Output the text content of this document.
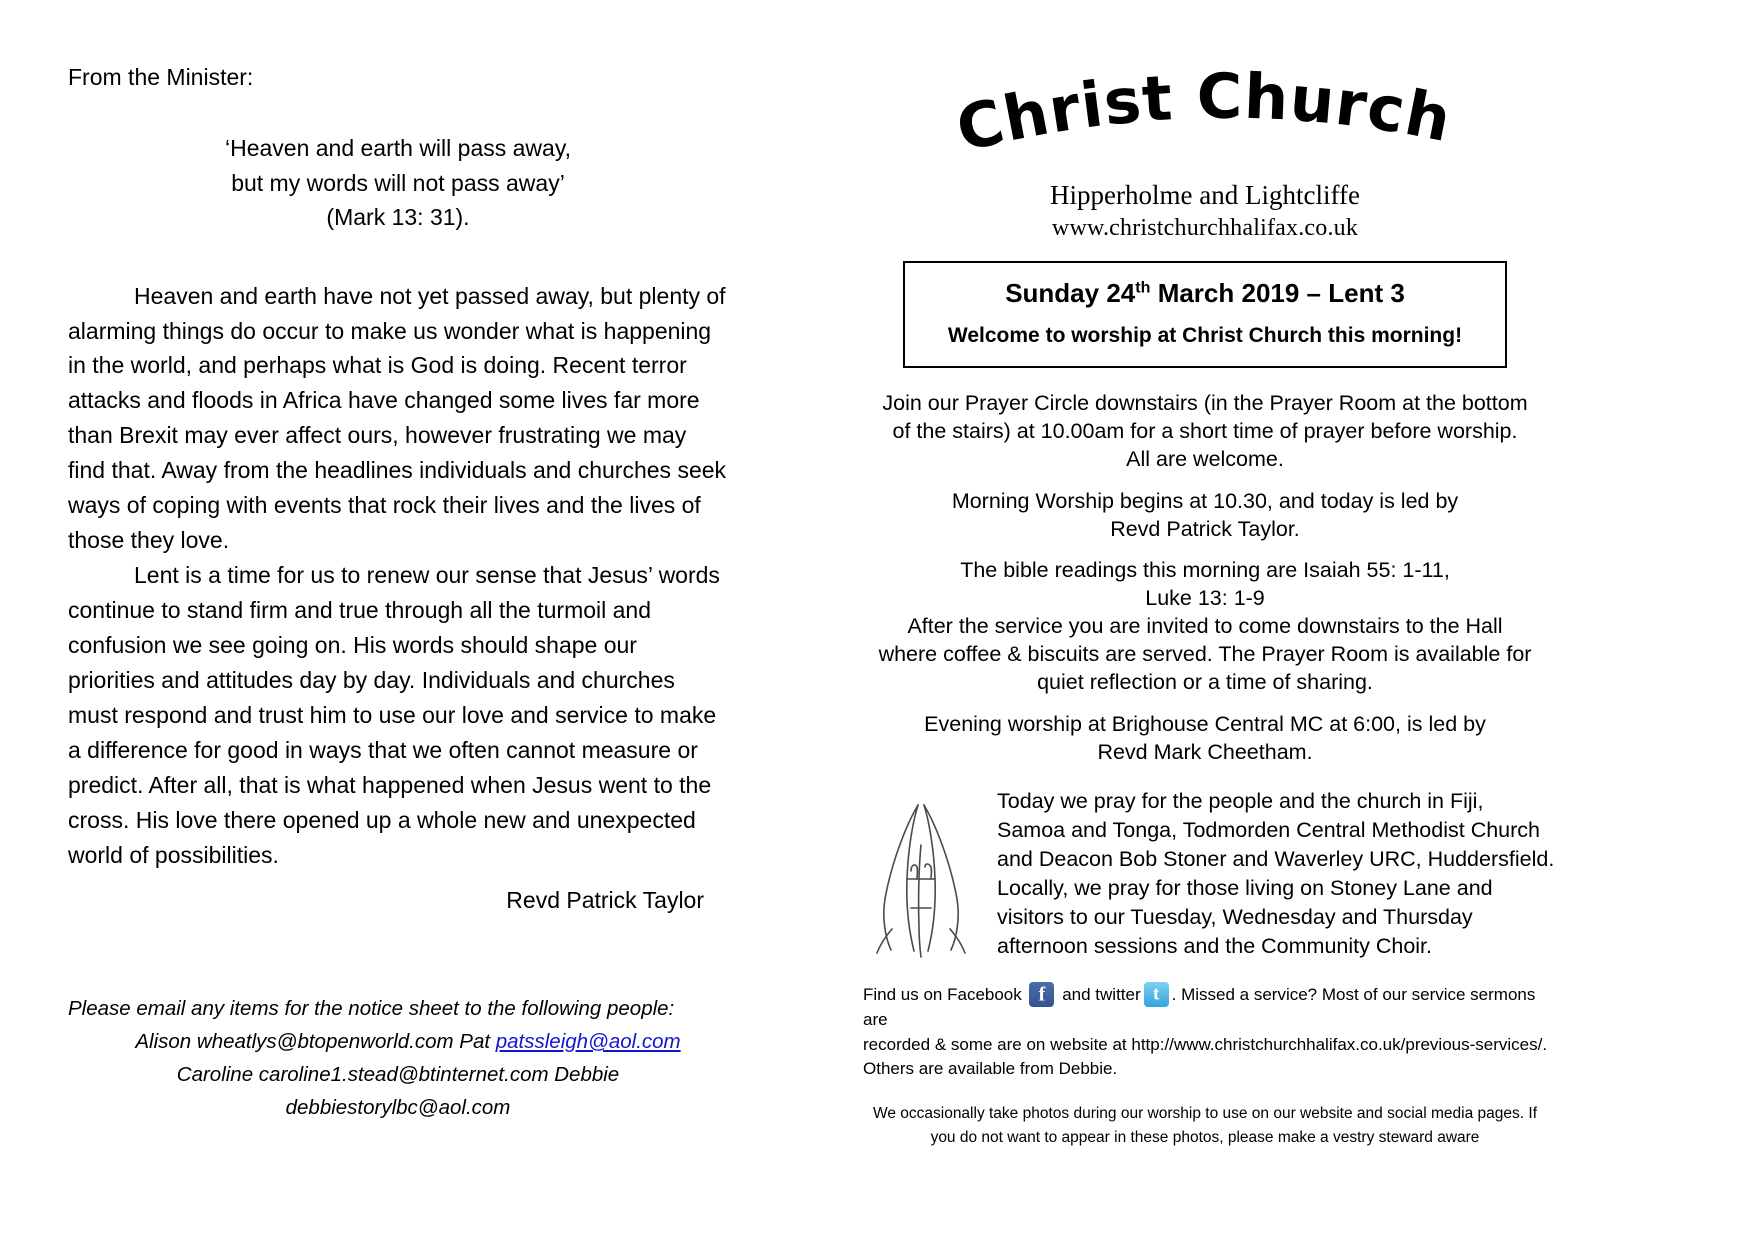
From the Minister:
‘Heaven and earth will pass away,
but my words will not pass away’
(Mark 13: 31).

Heaven and earth have not yet passed away, but plenty of alarming things do occur to make us wonder what is happening in the world, and perhaps what is God is doing. Recent terror attacks and floods in Africa have changed some lives far more than Brexit may ever affect ours, however frustrating we may find that. Away from the headlines individuals and churches seek ways of coping with events that rock their lives and the lives of those they love.

Lent is a time for us to renew our sense that Jesus’ words continue to stand firm and true through all the turmoil and confusion we see going on. His words should shape our priorities and attitudes day by day. Individuals and churches must respond and trust him to use our love and service to make a difference for good in ways that we often cannot measure or predict. After all, that is what happened when Jesus went to the cross. His love there opened up a whole new and unexpected world of possibilities.

Revd Patrick Taylor
Please email any items for the notice sheet to the following people:
Alison wheatlys@btopenworld.com Pat patssleigh@aol.com
Caroline caroline1.stead@btinternet.com Debbie debbiestorylbc@aol.com
Christ Church
Hipperholme and Lightcliffe
www.christchurchhalifax.co.uk
Sunday 24th March 2019 – Lent 3
Welcome to worship at Christ Church this morning!

Join our Prayer Circle downstairs (in the Prayer Room at the bottom
of the stairs) at 10.00am for a short time of prayer before worship.
All are welcome.

Morning Worship begins at 10.30, and today is led by
Revd Patrick Taylor.

The bible readings this morning are Isaiah 55: 1-11,
Luke 13: 1-9

After the service you are invited to come downstairs to the Hall
where coffee & biscuits are served. The Prayer Room is available for
quiet reflection or a time of sharing.

Evening worship at Brighouse Central MC at 6:00, is led by
Revd Mark Cheetham.

Today we pray for the people and the church in Fiji, Samoa and Tonga, Todmorden Central Methodist Church and Deacon Bob Stoner and Waverley URC, Huddersfield. Locally, we pray for those living on Stoney Lane and visitors to our Tuesday, Wednesday and Thursday afternoon sessions and the Community Choir.
Find us on Facebook f and twitter t . Missed a service? Most of our service sermons are
recorded & some are on website at http://www.christchurchhalifax.co.uk/previous-services/.
Others are available from Debbie.
We occasionally take photos during our worship to use on our website and social media pages. If you do not want to appear in these photos, please make a vestry steward aware
